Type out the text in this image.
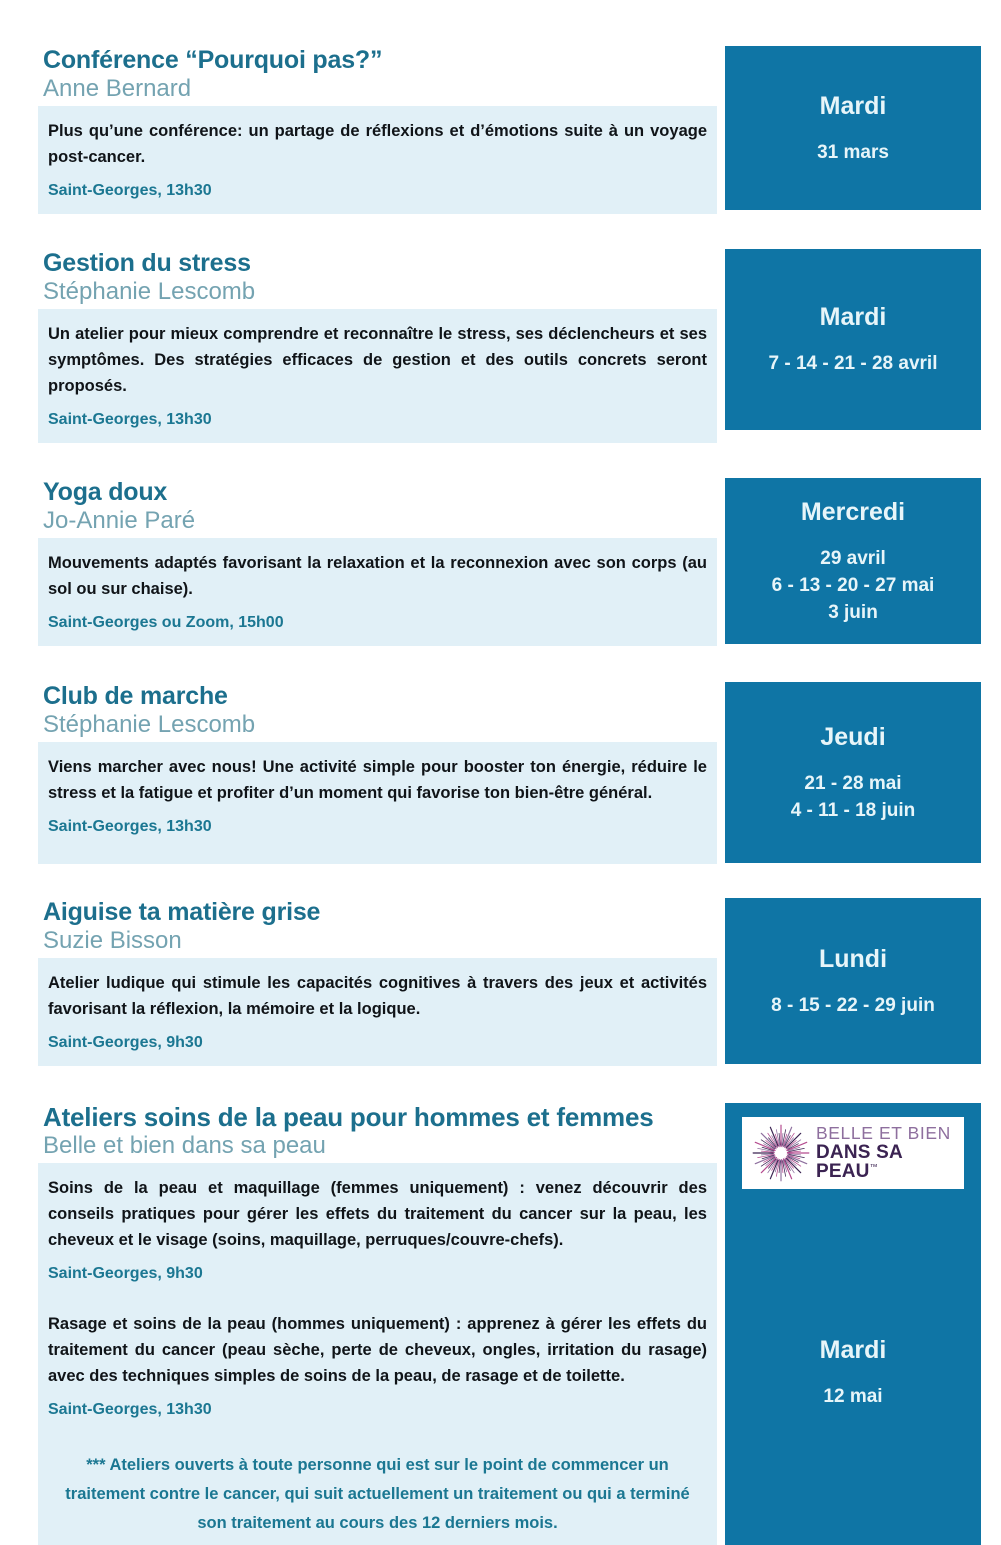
Conférence “Pourquoi pas?”
Anne Bernard

Plus qu’une conférence: un partage de réflexions et d’émotions suite à un voyage post-cancer.

Saint-Georges, 13h30

Mardi
31 mars
Gestion du stress
Stéphanie Lescomb

Un atelier pour mieux comprendre et reconnaître le stress, ses déclencheurs et ses symptômes. Des stratégies efficaces de gestion et des outils concrets seront proposés.

Saint-Georges, 13h30

Mardi
7 - 14 - 21 - 28 avril
Yoga doux
Jo-Annie Paré

Mouvements adaptés favorisant la relaxation et la reconnexion avec son corps (au sol ou sur chaise).

Saint-Georges ou Zoom, 15h00

Mercredi
29 avril
6 - 13 - 20 - 27 mai
3 juin
Club de marche
Stéphanie Lescomb

Viens marcher avec nous! Une activité simple pour booster ton énergie, réduire le stress et la fatigue et profiter d’un moment qui favorise ton bien-être général.

Saint-Georges, 13h30

Jeudi
21 - 28 mai
4 - 11 - 18 juin
Aiguise ta matière grise
Suzie Bisson

Atelier ludique qui stimule les capacités cognitives à travers des jeux et activités favorisant la réflexion, la mémoire et la logique.

Saint-Georges, 9h30

Lundi
8 - 15 - 22 - 29 juin
Ateliers soins de la peau pour hommes et femmes
Belle et bien dans sa peau

Soins de la peau et maquillage (femmes uniquement) : venez découvrir des conseils pratiques pour gérer les effets du traitement du cancer sur la peau, les cheveux et le visage (soins, maquillage, perruques/couvre-chefs).

Saint-Georges, 9h30

Rasage et soins de la peau (hommes uniquement) : apprenez à gérer les effets du traitement du cancer (peau sèche, perte de cheveux, ongles, irritation du rasage) avec des techniques simples de soins de la peau, de rasage et de toilette.

Saint-Georges, 13h30

*** Ateliers ouverts à toute personne qui est sur le point de commencer un traitement contre le cancer, qui suit actuellement un traitement ou qui a terminé son traitement au cours des 12 derniers mois.

BELLE ET BIEN
DANS SA PEAU™
Mardi
12 mai
